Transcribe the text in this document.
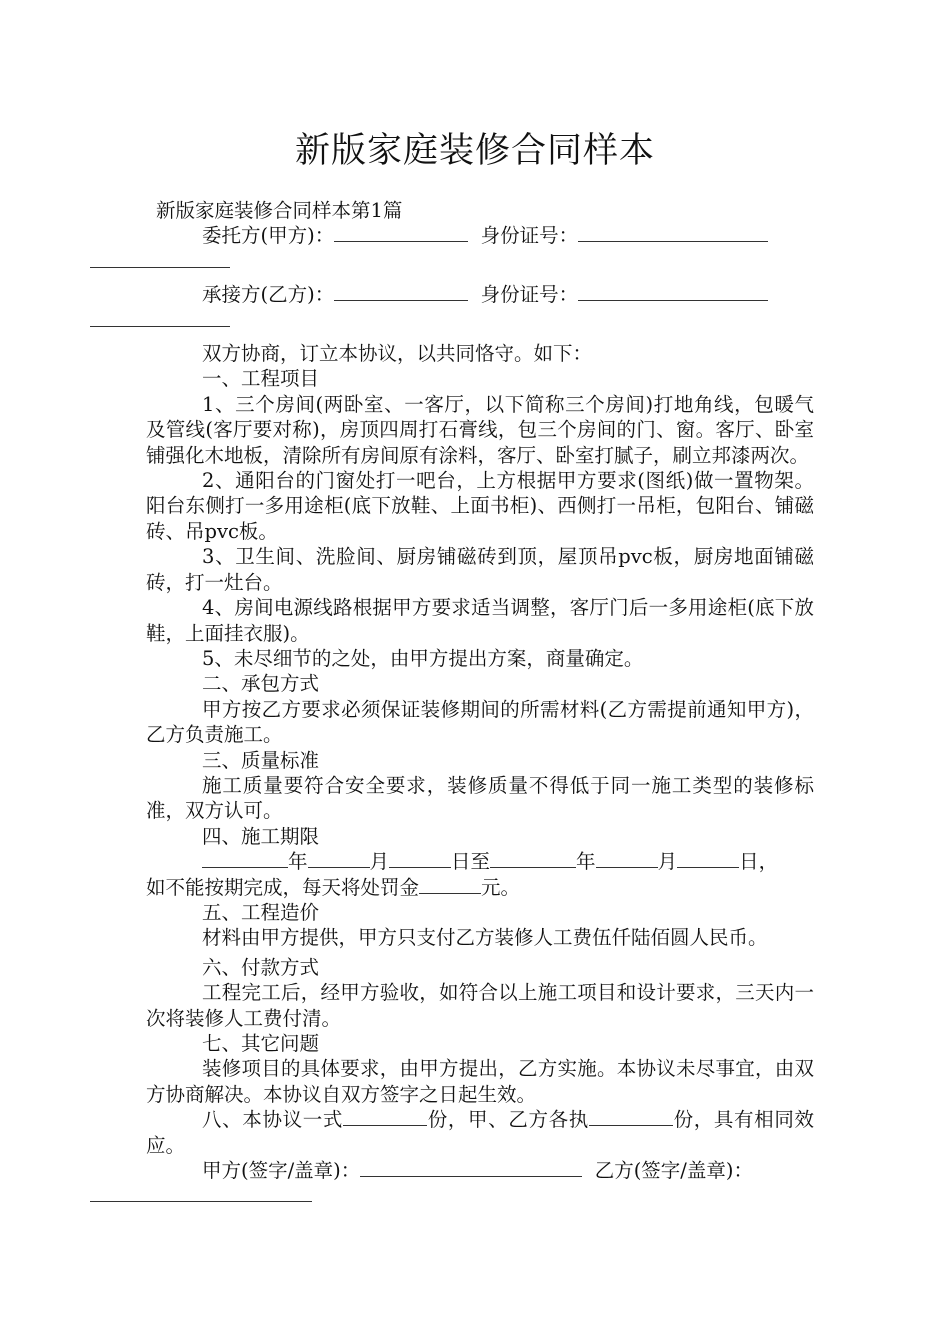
新版家庭装修合同样本

新版家庭装修合同样本第1篇

委托方(甲方)：	身份证号：

承接方(乙方)：	身份证号：

双方协商，订立本协议，以共同恪守。如下：

一、工程项目

1、三个房间(两卧室、一客厅，以下简称三个房间)打地角线，包暖气及管线(客厅要对称)，房顶四周打石膏线，包三个房间的门、窗。客厅、卧室铺强化木地板，清除所有房间原有涂料，客厅、卧室打腻子，刷立邦漆两次。

2、通阳台的门窗处打一吧台，上方根据甲方要求(图纸)做一置物架。阳台东侧打一多用途柜(底下放鞋、上面书柜)、西侧打一吊柜，包阳台、铺磁砖、吊pvc板。

3、卫生间、洗脸间、厨房铺磁砖到顶，屋顶吊pvc板，厨房地面铺磁砖，打一灶台。

4、房间电源线路根据甲方要求适当调整，客厅门后一多用途柜(底下放鞋，上面挂衣服)。

5、未尽细节的之处，由甲方提出方案，商量确定。

二、承包方式

甲方按乙方要求必须保证装修期间的所需材料(乙方需提前通知甲方)，乙方负责施工。

三、质量标准

施工质量要符合安全要求，装修质量不得低于同一施工类型的装修标准，双方认可。

四、施工期限

年	月	日至	年	月	日，

如不能按期完成，每天将处罚金	元。

五、工程造价

材料由甲方提供，甲方只支付乙方装修人工费伍仟陆佰圆人民币。

六、付款方式

工程完工后，经甲方验收，如符合以上施工项目和设计要求，三天内一次将装修人工费付清。

七、其它问题

装修项目的具体要求，由甲方提出，乙方实施。本协议未尽事宜，由双方协商解决。本协议自双方签字之日起生效。

八、本协议一式	份，甲、乙方各执	份，具有相同效应。

甲方(签字/盖章)：	乙方(签字/盖章)：
